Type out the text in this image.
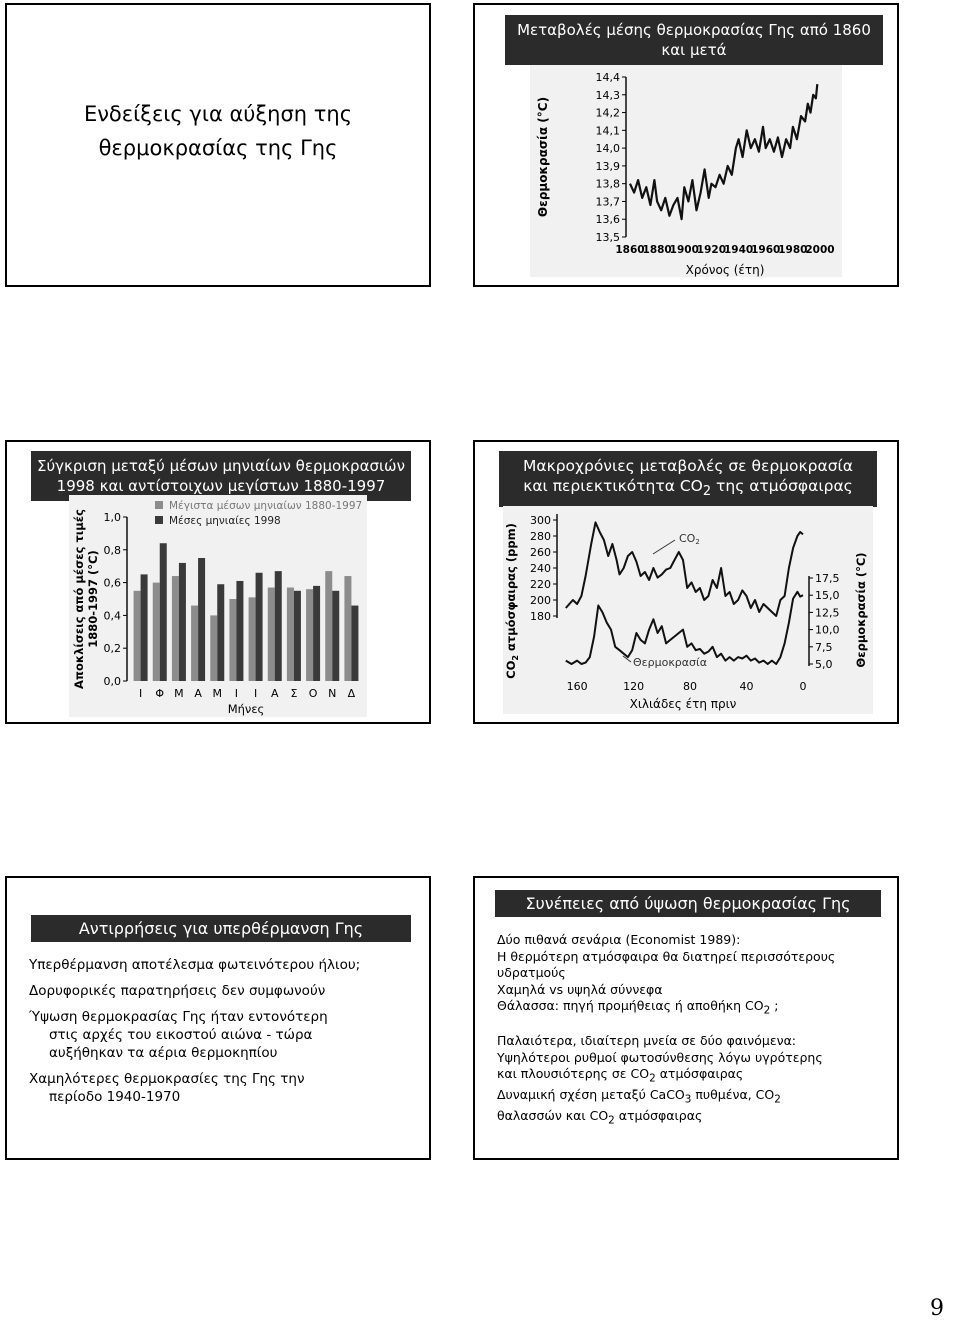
Ενδείξεις για αύξηση της
θερμοκρασίας της Γης
Μεταβολές μέσης θερμοκρασίας Γης από 1860
και μετά
14,4
14,3
14,2
14,1
14,0
13,9
13,8
13,7
13,6
13,5
1860
1880
1900
1920
1940
1960
1980
2000
Χρόνος (έτη)
Θερμοκρασία (°C)
Σύγκριση μεταξύ μέσων μηνιαίων θερμοκρασιών
1998 και αντίστοιχων μεγίστων 1880-1997
1,0
0,8
0,6
0,4
0,2
0,0
Ι Φ Μ Α Μ Ι Ι Α Σ Ο Ν Δ
Μήνες
Μέγιστα μέσων μηνιαίων 1880-1997
Μέσες μηνιαίες 1998
Αποκλίσεις από μέσες τιμές 1880-1997 (°C)
Μακροχρόνιες μεταβολές σε θερμοκρασία
και περιεκτικότητα $CO_2$ της ατμόσφαιρας
300
280
260
240
220
200
180
17,5
15,0
12,5
10,0
7,5
5,0
160	120	80	40	0
Χιλιάδες έτη πριν
$CO_2$ ατμόσφαιρας (ppm)	Θερμοκρασία (°C)
CO2
Θερμοκρασία
Αντιρρήσεις για υπερθέρμανση Γης

Υπερθέρμανση αποτέλεσμα φωτεινότερου ήλιου;

Δορυφορικές παρατηρήσεις δεν συμφωνούν

Ύψωση θερμοκρασίας Γης ήταν εντονότερη
στις αρχές του εικοστού αιώνα - τώρα
αυξήθηκαν τα αέρια θερμοκηπίου

Χαμηλότερες θερμοκρασίες της Γης την
περίοδο 1940-1970

Συνέπειες από ύψωση θερμοκρασίας Γης

Δύο πιθανά σενάρια (Economist 1989):

Η θερμότερη ατμόσφαιρα θα διατηρεί περισσότερους υδρατμούς

Χαμηλά vs υψηλά σύννεφα

Θάλασσα: πηγή προμήθειας ή αποθήκη $CO_2$ ;

Παλαιότερα, ιδιαίτερη μνεία σε δύο φαινόμενα:

Υψηλότεροι ρυθμοί φωτοσύνθεσης λόγω υγρότερης

και πλουσιότερης σε $CO_2$ ατμόσφαιρας

Δυναμική σχέση μεταξύ CaCO$_3$ πυθμένα, $CO_2$

θαλασσών και $CO_2$ ατμόσφαιρας

9
